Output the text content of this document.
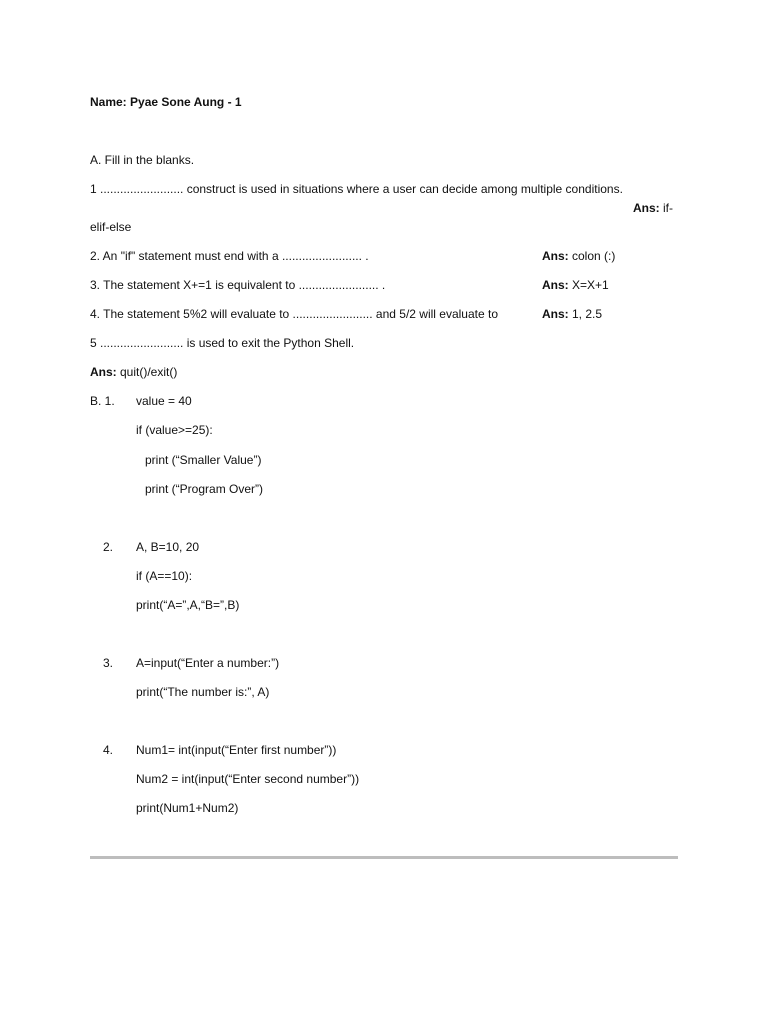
Name: Pyae Sone Aung - 1
A. Fill in the blanks.
1 ......................... construct is used in situations where a user can decide among multiple conditions.
Ans: if-
elif-else
2. An "if" statement must end with a ........................ .	Ans: colon (:)
3. The statement X+=1 is equivalent to ........................ .	Ans: X=X+1
4. The statement 5%2 will evaluate to ........................ and 5/2 will evaluate to	Ans: 1, 2.5
5 ......................... is used to exit the Python Shell.
Ans: quit()/exit()
B. 1. value = 40
if (value>=25):
print (“Smaller Value”)
print (“Program Over”)
2. A, B=10, 20
if (A==10):
print(“A=”,A,“B=”,B)
3. A=input(“Enter a number:”)
print(“The number is:”, A)
4. Num1= int(input(“Enter first number”))
Num2 = int(input(“Enter second number”))
print(Num1+Num2)
